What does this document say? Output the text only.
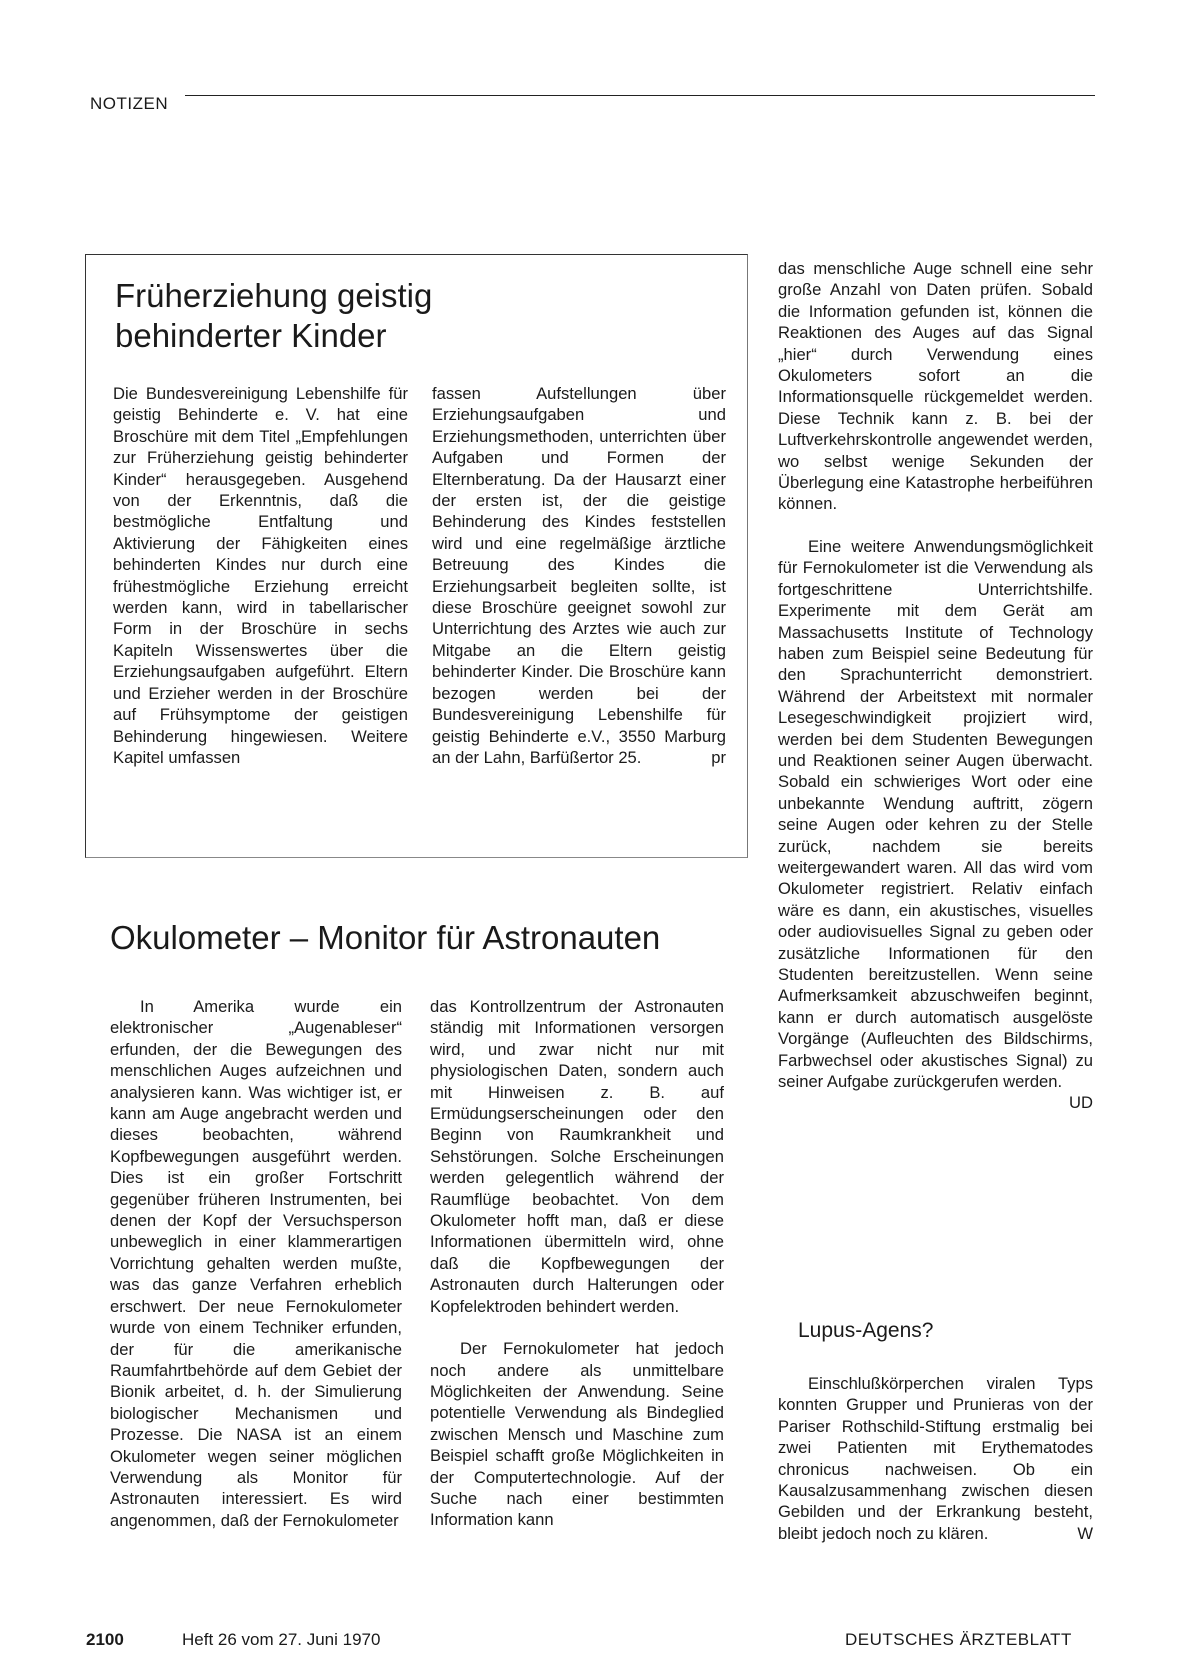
NOTIZEN
Früherziehung geistig
behinderter Kinder

Die Bundesvereinigung Lebenshilfe für geistig Behinderte e. V. hat eine Broschüre mit dem Titel „Empfehlungen zur Früherziehung geistig behinderter Kinder“ herausgegeben. Ausgehend von der Erkenntnis, daß die bestmögliche Entfaltung und Aktivierung der Fähigkeiten eines behinderten Kindes nur durch eine frühestmögliche Erziehung erreicht werden kann, wird in tabellarischer Form in der Broschüre in sechs Kapiteln Wissenswertes über die Erziehungsaufgaben aufgeführt. Eltern und Erzieher werden in der Broschüre auf Frühsymptome der geistigen Behinderung hingewiesen. Weitere Kapitel umfassen

fassen Aufstellungen über Erziehungsaufgaben und Erziehungsmethoden, unterrichten über Aufgaben und Formen der Elternberatung. Da der Hausarzt einer der ersten ist, der die geistige Behinderung des Kindes feststellen wird und eine regelmäßige ärztliche Betreuung des Kindes die Erziehungsarbeit begleiten sollte, ist diese Broschüre geeignet sowohl zur Unterrichtung des Arztes wie auch zur Mitgabe an die Eltern geistig behinderter Kinder. Die Broschüre kann bezogen werden bei der Bundesvereinigung Lebenshilfe für geistig Behinderte e.V., 3550 Marburg an der Lahn, Barfüßertor 25.	pr

Okulometer – Monitor für Astronauten

In Amerika wurde ein elektronischer „Augenableser“ erfunden, der die Bewegungen des menschlichen Auges aufzeichnen und analysieren kann. Was wichtiger ist, er kann am Auge angebracht werden und dieses beobachten, während Kopfbewegungen ausgeführt werden. Dies ist ein großer Fortschritt gegenüber früheren Instrumenten, bei denen der Kopf der Versuchsperson unbeweglich in einer klammerartigen Vorrichtung gehalten werden mußte, was das ganze Verfahren erheblich erschwert. Der neue Fernokulometer wurde von einem Techniker erfunden, der für die amerikanische Raumfahrtbehörde auf dem Gebiet der Bionik arbeitet, d. h. der Simulierung biologischer Mechanismen und Prozesse. Die NASA ist an einem Okulometer wegen seiner möglichen Verwendung als Monitor für Astronauten interessiert. Es wird angenommen, daß der Fernokulometer

das Kontrollzentrum der Astronauten ständig mit Informationen versorgen wird, und zwar nicht nur mit physiologischen Daten, sondern auch mit Hinweisen z. B. auf Ermüdungserscheinungen oder den Beginn von Raumkrankheit und Sehstörungen. Solche Erscheinungen werden gelegentlich während der Raumflüge beobachtet. Von dem Okulometer hofft man, daß er diese Informationen übermitteln wird, ohne daß die Kopfbewegungen der Astronauten durch Halterungen oder Kopfelektroden behindert werden.

Der Fernokulometer hat jedoch noch andere als unmittelbare Möglichkeiten der Anwendung. Seine potentielle Verwendung als Bindeglied zwischen Mensch und Maschine zum Beispiel schafft große Möglichkeiten in der Computertechnologie. Auf der Suche nach einer bestimmten Information kann

das menschliche Auge schnell eine sehr große Anzahl von Daten prüfen. Sobald die Information gefunden ist, können die Reaktionen des Auges auf das Signal „hier“ durch Verwendung eines Okulometers sofort an die Informationsquelle rückgemeldet werden. Diese Technik kann z. B. bei der Luftverkehrskontrolle angewendet werden, wo selbst wenige Sekunden der Überlegung eine Katastrophe herbeiführen können.

Eine weitere Anwendungsmöglichkeit für Fernokulometer ist die Verwendung als fortgeschrittene Unterrichtshilfe. Experimente mit dem Gerät am Massachusetts Institute of Technology haben zum Beispiel seine Bedeutung für den Sprachunterricht demonstriert. Während der Arbeitstext mit normaler Lesegeschwindigkeit projiziert wird, werden bei dem Studenten Bewegungen und Reaktionen seiner Augen überwacht. Sobald ein schwieriges Wort oder eine unbekannte Wendung auftritt, zögern seine Augen oder kehren zu der Stelle zurück, nachdem sie bereits weitergewandert waren. All das wird vom Okulometer registriert. Relativ einfach wäre es dann, ein akustisches, visuelles oder audiovisuelles Signal zu geben oder zusätzliche Informationen für den Studenten bereitzustellen. Wenn seine Aufmerksamkeit abzuschweifen beginnt, kann er durch automatisch ausgelöste Vorgänge (Aufleuchten des Bildschirms, Farbwechsel oder akustisches Signal) zu seiner Aufgabe zurückgerufen werden.
UD

Lupus-Agens?

Einschlußkörperchen viralen Typs konnten Grupper und Prunieras von der Pariser Rothschild-Stiftung erstmalig bei zwei Patienten mit Erythematodes chronicus nachweisen. Ob ein Kausalzusammenhang zwischen diesen Gebilden und der Erkrankung besteht, bleibt jedoch noch zu klären.	W

2100	Heft 26 vom 27. Juni 1970	DEUTSCHES ÄRZTEBLATT
